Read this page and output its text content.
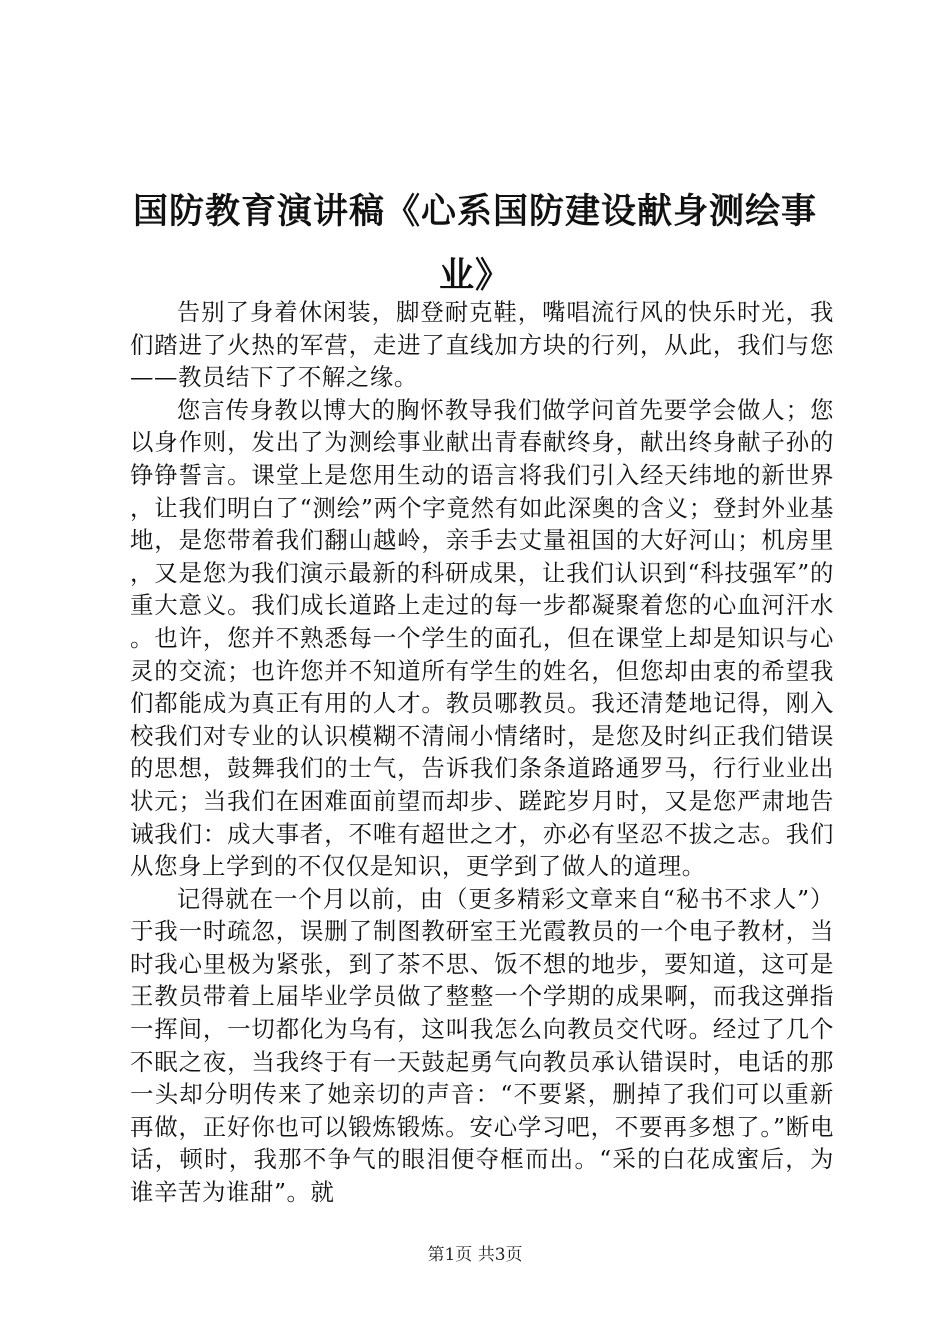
国防教育演讲稿《心系国防建设献身测绘事业》

告别了身着休闲装，脚登耐克鞋，嘴唱流行风的快乐时光，我们踏进了火热的军营，走进了直线加方块的行列，从此，我们与您——教员结下了不解之缘。

您言传身教以博大的胸怀教导我们做学问首先要学会做人；您以身作则，发出了为测绘事业献出青春献终身，献出终身献子孙的铮铮誓言。课堂上是您用生动的语言将我们引入经天纬地的新世界，让我们明白了“测绘”两个字竟然有如此深奥的含义；登封外业基地，是您带着我们翻山越岭，亲手去丈量祖国的大好河山；机房里，又是您为我们演示最新的科研成果，让我们认识到“科技强军”的重大意义。我们成长道路上走过的每一步都凝聚着您的心血河汗水。也许，您并不熟悉每一个学生的面孔，但在课堂上却是知识与心灵的交流；也许您并不知道所有学生的姓名，但您却由衷的希望我们都能成为真正有用的人才。教员哪教员。我还清楚地记得，刚入校我们对专业的认识模糊不清闹小情绪时，是您及时纠正我们错误的思想，鼓舞我们的士气，告诉我们条条道路通罗马，行行业业出状元；当我们在困难面前望而却步、蹉跎岁月时，又是您严肃地告诫我们：成大事者，不唯有超世之才，亦必有坚忍不拔之志。我们从您身上学到的不仅仅是知识，更学到了做人的道理。

记得就在一个月以前，由（更多精彩文章来自“秘书不求人”）于我一时疏忽，误删了制图教研室王光霞教员的一个电子教材，当时我心里极为紧张，到了茶不思、饭不想的地步，要知道，这可是王教员带着上届毕业学员做了整整一个学期的成果啊，而我这弹指一挥间，一切都化为乌有，这叫我怎么向教员交代呀。经过了几个不眠之夜，当我终于有一天鼓起勇气向教员承认错误时，电话的那一头却分明传来了她亲切的声音：“不要紧，删掉了我们可以重新再做，正好你也可以锻炼锻炼。安心学习吧，不要再多想了。”断电话，顿时，我那不争气的眼泪便夺框而出。“采的白花成蜜后，为谁辛苦为谁甜”。就

第1页 共3页
